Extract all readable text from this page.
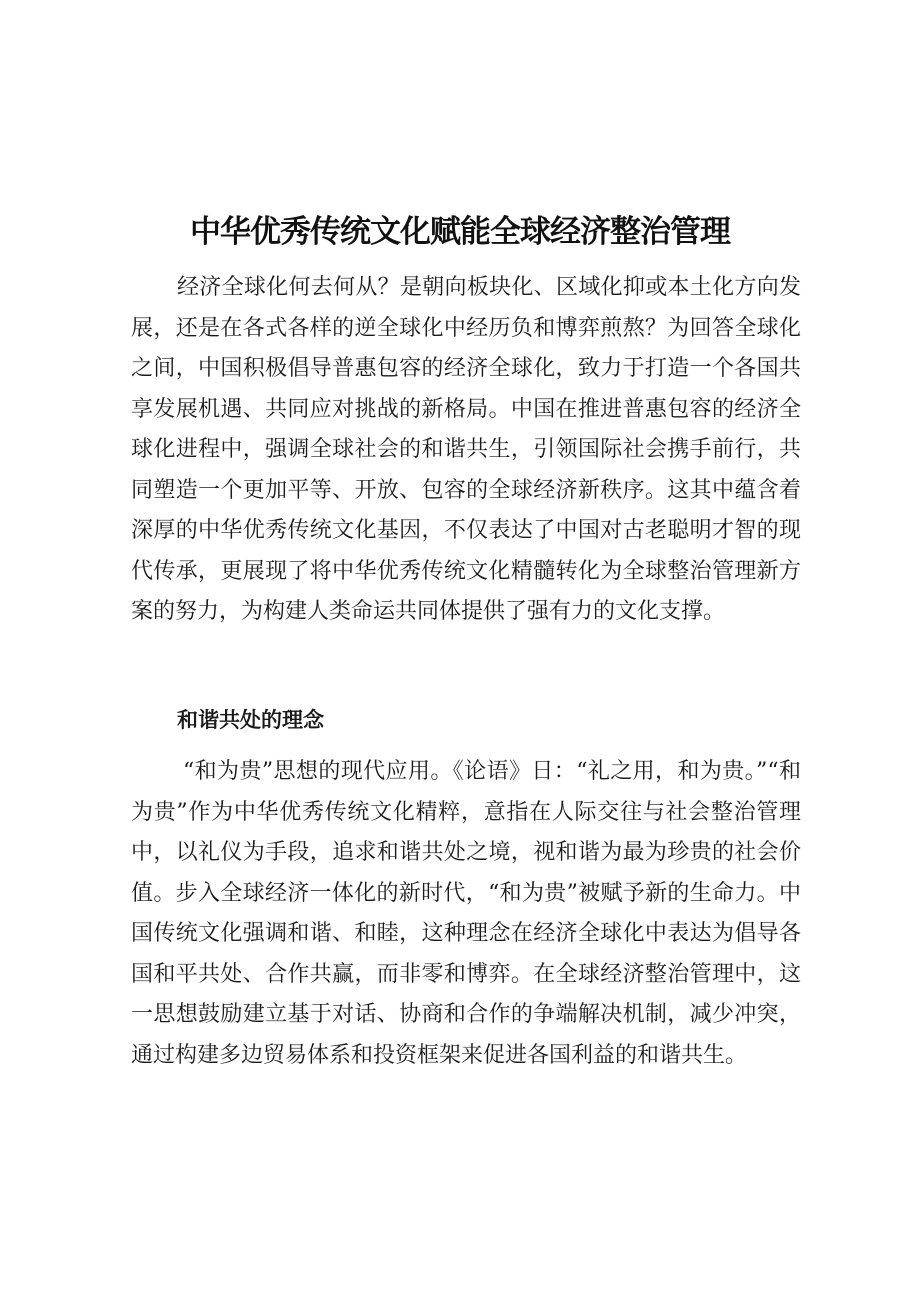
中华优秀传统文化赋能全球经济整治管理

经济全球化何去何从？是朝向板块化、区域化抑或本土化方向发展，还是在各式各样的逆全球化中经历负和博弈煎熬？为回答全球化之间，中国积极倡导普惠包容的经济全球化，致力于打造一个各国共享发展机遇、共同应对挑战的新格局。中国在推进普惠包容的经济全球化进程中，强调全球社会的和谐共生，引领国际社会携手前行，共同塑造一个更加平等、开放、包容的全球经济新秩序。这其中蕴含着深厚的中华优秀传统文化基因，不仅表达了中国对古老聪明才智的现代传承，更展现了将中华优秀传统文化精髓转化为全球整治管理新方案的努力，为构建人类命运共同体提供了强有力的文化支撑。

和谐共处的理念

“和为贵”思想的现代应用。《论语》日：“礼之用，和为贵。”“和为贵”作为中华优秀传统文化精粹，意指在人际交往与社会整治管理中，以礼仪为手段，追求和谐共处之境，视和谐为最为珍贵的社会价值。步入全球经济一体化的新时代，“和为贵”被赋予新的生命力。中国传统文化强调和谐、和睦，这种理念在经济全球化中表达为倡导各国和平共处、合作共赢，而非零和博弈。在全球经济整治管理中，这一思想鼓励建立基于对话、协商和合作的争端解决机制，减少冲突，通过构建多边贸易体系和投资框架来促进各国利益的和谐共生。
